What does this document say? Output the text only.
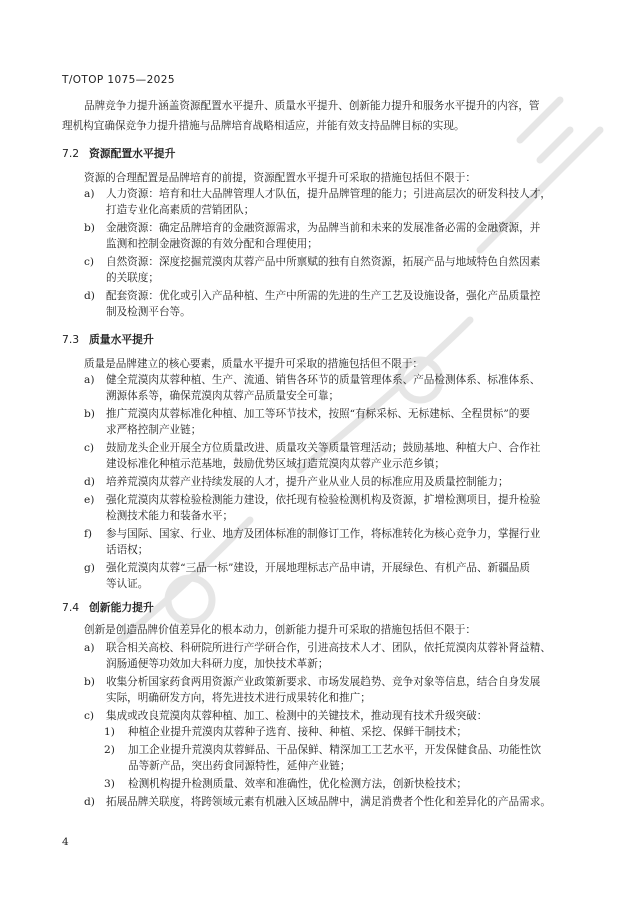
T/OTOP 1075—2025
品牌竞争力提升涵盖资源配置水平提升、质量水平提升、创新能力提升和服务水平提升的内容，管
理机构宜确保竞争力提升措施与品牌培育战略相适应，并能有效支持品牌目标的实现。
7.2 资源配置水平提升
资源的合理配置是品牌培育的前提，资源配置水平提升可采取的措施包括但不限于：
a) 人力资源：培育和壮大品牌管理人才队伍，提升品牌管理的能力；引进高层次的研发科技人才，
打造专业化高素质的营销团队；
b) 金融资源：确定品牌培育的金融资源需求，为品牌当前和未来的发展准备必需的金融资源，并
监测和控制金融资源的有效分配和合理使用；
c) 自然资源：深度挖掘荒漠肉苁蓉产品中所禀赋的独有自然资源，拓展产品与地域特色自然因素
的关联度；
d) 配套资源：优化或引入产品种植、生产中所需的先进的生产工艺及设施设备，强化产品质量控
制及检测平台等。
7.3 质量水平提升
质量是品牌建立的核心要素，质量水平提升可采取的措施包括但不限于：
a) 健全荒漠肉苁蓉种植、生产、流通、销售各环节的质量管理体系、产品检测体系、标准体系、
溯源体系等，确保荒漠肉苁蓉产品质量安全可靠；
b) 推广荒漠肉苁蓉标准化种植、加工等环节技术，按照“有标采标、无标建标、全程贯标”的要
求严格控制产业链；
c) 鼓励龙头企业开展全方位质量改进、质量攻关等质量管理活动；鼓励基地、种植大户、合作社
建设标准化种植示范基地，鼓励优势区域打造荒漠肉苁蓉产业示范乡镇；
d) 培养荒漠肉苁蓉产业持续发展的人才，提升产业从业人员的标准应用及质量控制能力；
e) 强化荒漠肉苁蓉检验检测能力建设，依托现有检验检测机构及资源，扩增检测项目，提升检验
检测技术能力和装备水平；
f) 参与国际、国家、行业、地方及团体标准的制修订工作，将标准转化为核心竞争力，掌握行业
话语权；
g) 强化荒漠肉苁蓉“三品一标”建设，开展地理标志产品申请，开展绿色、有机产品、新疆品质
等认证。
7.4 创新能力提升
创新是创造品牌价值差异化的根本动力，创新能力提升可采取的措施包括但不限于：
a) 联合相关高校、科研院所进行产学研合作，引进高技术人才、团队，依托荒漠肉苁蓉补肾益精、
润肠通便等功效加大科研力度，加快技术革新；
b) 收集分析国家药食两用资源产业政策新要求、市场发展趋势、竞争对象等信息，结合自身发展
实际，明确研发方向，将先进技术进行成果转化和推广；
c) 集成或改良荒漠肉苁蓉种植、加工、检测中的关键技术，推动现有技术升级突破：
1) 种植企业提升荒漠肉苁蓉种子选育、接种、种植、采挖、保鲜干制技术；
2) 加工企业提升荒漠肉苁蓉鲜品、干品保鲜、精深加工工艺水平，开发保健食品、功能性饮
品等新产品，突出药食同源特性，延伸产业链；
3) 检测机构提升检测质量、效率和准确性，优化检测方法，创新快检技术；
d) 拓展品牌关联度，将跨领域元素有机融入区域品牌中，满足消费者个性化和差异化的产品需求。
4
